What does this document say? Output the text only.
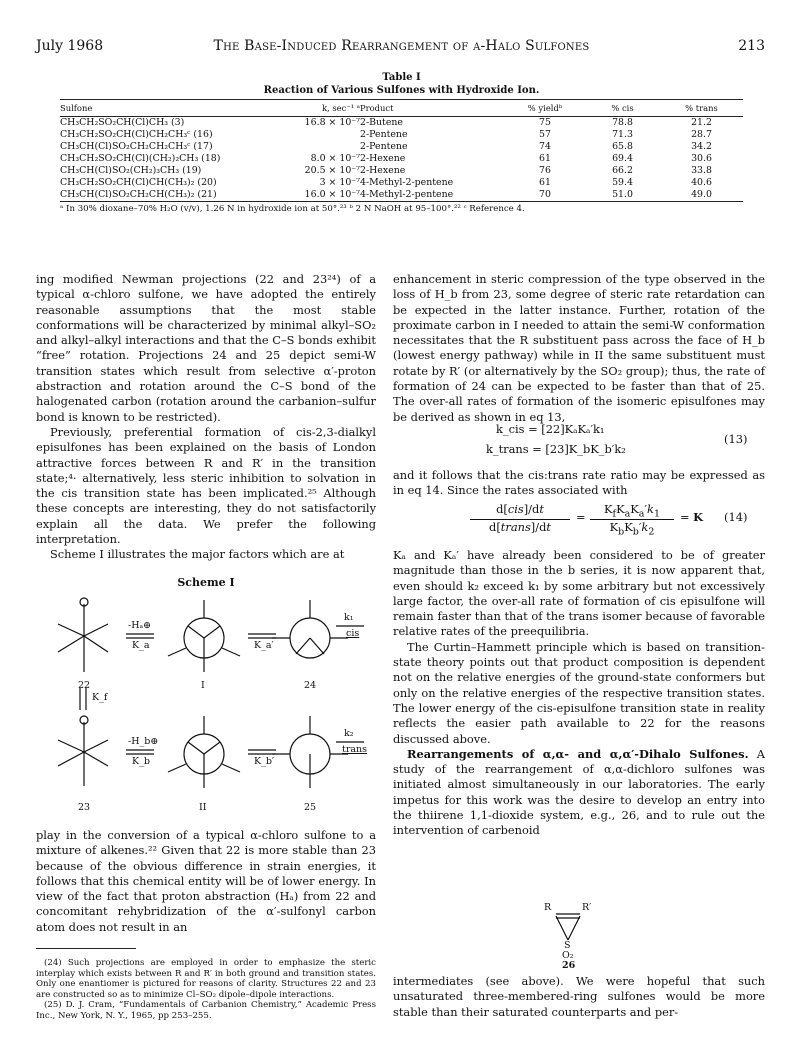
July 1968	The Base-Induced Rearrangement of α-Halo Sulfones	213
Table I
Reaction of Various Sulfones with Hydroxide Ion.
Sulfone	k, sec⁻¹ ᵃ	Product	% yieldᵇ	% cis	% trans
CH₃CH₂SO₂CH(Cl)CH₃ (3)	16.8 × 10⁻⁷	2-Butene	75	78.8	21.2
CH₃CH₂SO₂CH(Cl)CH₂CH₃ᶜ (16)		2-Pentene	57	71.3	28.7
CH₃CH(Cl)SO₂CH₂CH₂CH₃ᶜ (17)		2-Pentene	74	65.8	34.2
CH₃CH₂SO₂CH(Cl)(CH₂)₂CH₃ (18)	8.0 × 10⁻⁷	2-Hexene	61	69.4	30.6
CH₃CH(Cl)SO₂(CH₂)₃CH₃ (19)	20.5 × 10⁻⁷	2-Hexene	76	66.2	33.8
CH₃CH₂SO₂CH(Cl)CH(CH₃)₂ (20)	3 × 10⁻⁷	4-Methyl-2-pentene	61	59.4	40.6
CH₃CH(Cl)SO₂CH₂CH(CH₃)₂ (21)	16.0 × 10⁻⁷	4-Methyl-2-pentene	70	51.0	49.0
ᵃ In 30% dioxane–70% H₂O (v/v), 1.26 N in hydroxide ion at 50°.²³ ᵇ 2 N NaOH at 95–100°.²² ᶜ Reference 4.

ing modified Newman projections (22 and 23²⁴) of a typical α-chloro sulfone, we have adopted the entirely reasonable assumptions that the most stable conformations will be characterized by minimal alkyl–SO₂ and alkyl–alkyl interactions and that the C–S bonds exhibit “free” rotation. Projections 24 and 25 depict semi-W transition states which result from selective α′-proton abstraction and rotation around the C–S bond of the halogenated carbon (rotation around the carbanion–sulfur bond is known to be restricted).

Previously, preferential formation of cis-2,3-dialkyl episulfones has been explained on the basis of London attractive forces between R and R′ in the transition state;⁴· alternatively, less steric inhibition to solvation in the cis transition state has been implicated.²⁵ Although these concepts are interesting, they do not satisfactorily explain all the data. We prefer the following interpretation.

Scheme I illustrates the major factors which are at

Scheme I
22	I	24
23	II	25
cis
trans
K_f
-Hₐ⊕
K_a	K_a′
k₁
-H_b⊕
K_b	K_b′
k₂

play in the conversion of a typical α-chloro sulfone to a mixture of alkenes.²² Given that 22 is more stable than 23 because of the obvious difference in strain energies, it follows that this chemical entity will be of lower energy. In view of the fact that proton abstraction (Hₐ) from 22 and concomitant rehybridization of the α′-sulfonyl carbon atom does not result in an

(24) Such projections are employed in order to emphasize the steric interplay which exists between R and R′ in both ground and transition states. Only one enantiomer is pictured for reasons of clarity. Structures 22 and 23 are constructed so as to minimize Cl–SO₂ dipole–dipole interactions.

(25) D. J. Cram, “Fundamentals of Carbanion Chemistry,” Academic Press Inc., New York, N. Y., 1965, pp 253–255.

enhancement in steric compression of the type observed in the loss of H_b from 23, some degree of steric rate retardation can be expected in the latter instance. Further, rotation of the proximate carbon in I needed to attain the semi-W conformation necessitates that the R substituent pass across the face of H_b (lowest energy pathway) while in II the same substituent must rotate by R′ (or alternatively by the SO₂ group); thus, the rate of formation of 24 can be expected to be faster than that of 25. The over-all rates of formation of the isomeric episulfones may be derived as shown in eq 13,

k_cis = [22]KₐKₐ′k₁
k_trans = [23]K_bK_b′k₂
(13)

and it follows that the cis:trans rate ratio may be expressed as in eq 14. Since the rates associated with

d[cis]/dt
d[trans]/dt
=
$K_fK_aK_a'k_1$
$K_bK_b'k_2$
= K (14)

Kₐ and Kₐ′ have already been considered to be of greater magnitude than those in the b series, it is now apparent that, even should k₂ exceed k₁ by some arbitrary but not excessively large factor, the over-all rate of formation of cis episulfone will remain faster than that of the trans isomer because of favorable relative rates of the preequilibria.

The Curtin–Hammett principle which is based on transition-state theory points out that product composition is dependent not on the relative energies of the ground-state conformers but only on the relative energies of the respective transition states. The lower energy of the cis-episulfone transition state in reality reflects the easier path available to 22 for the reasons discussed above.

Rearrangements of α,α- and α,α′-Dihalo Sulfones. A study of the rearrangement of α,α-dichloro sulfones was initiated almost simultaneously in our laboratories. The early impetus for this work was the desire to develop an entry into the thiirene 1,1-dioxide system, e.g., 26, and to rule out the intervention of carbenoid

R	R′
S
O₂
26

intermediates (see above). We were hopeful that such unsaturated three-membered-ring sulfones would be more stable than their saturated counterparts and per-
